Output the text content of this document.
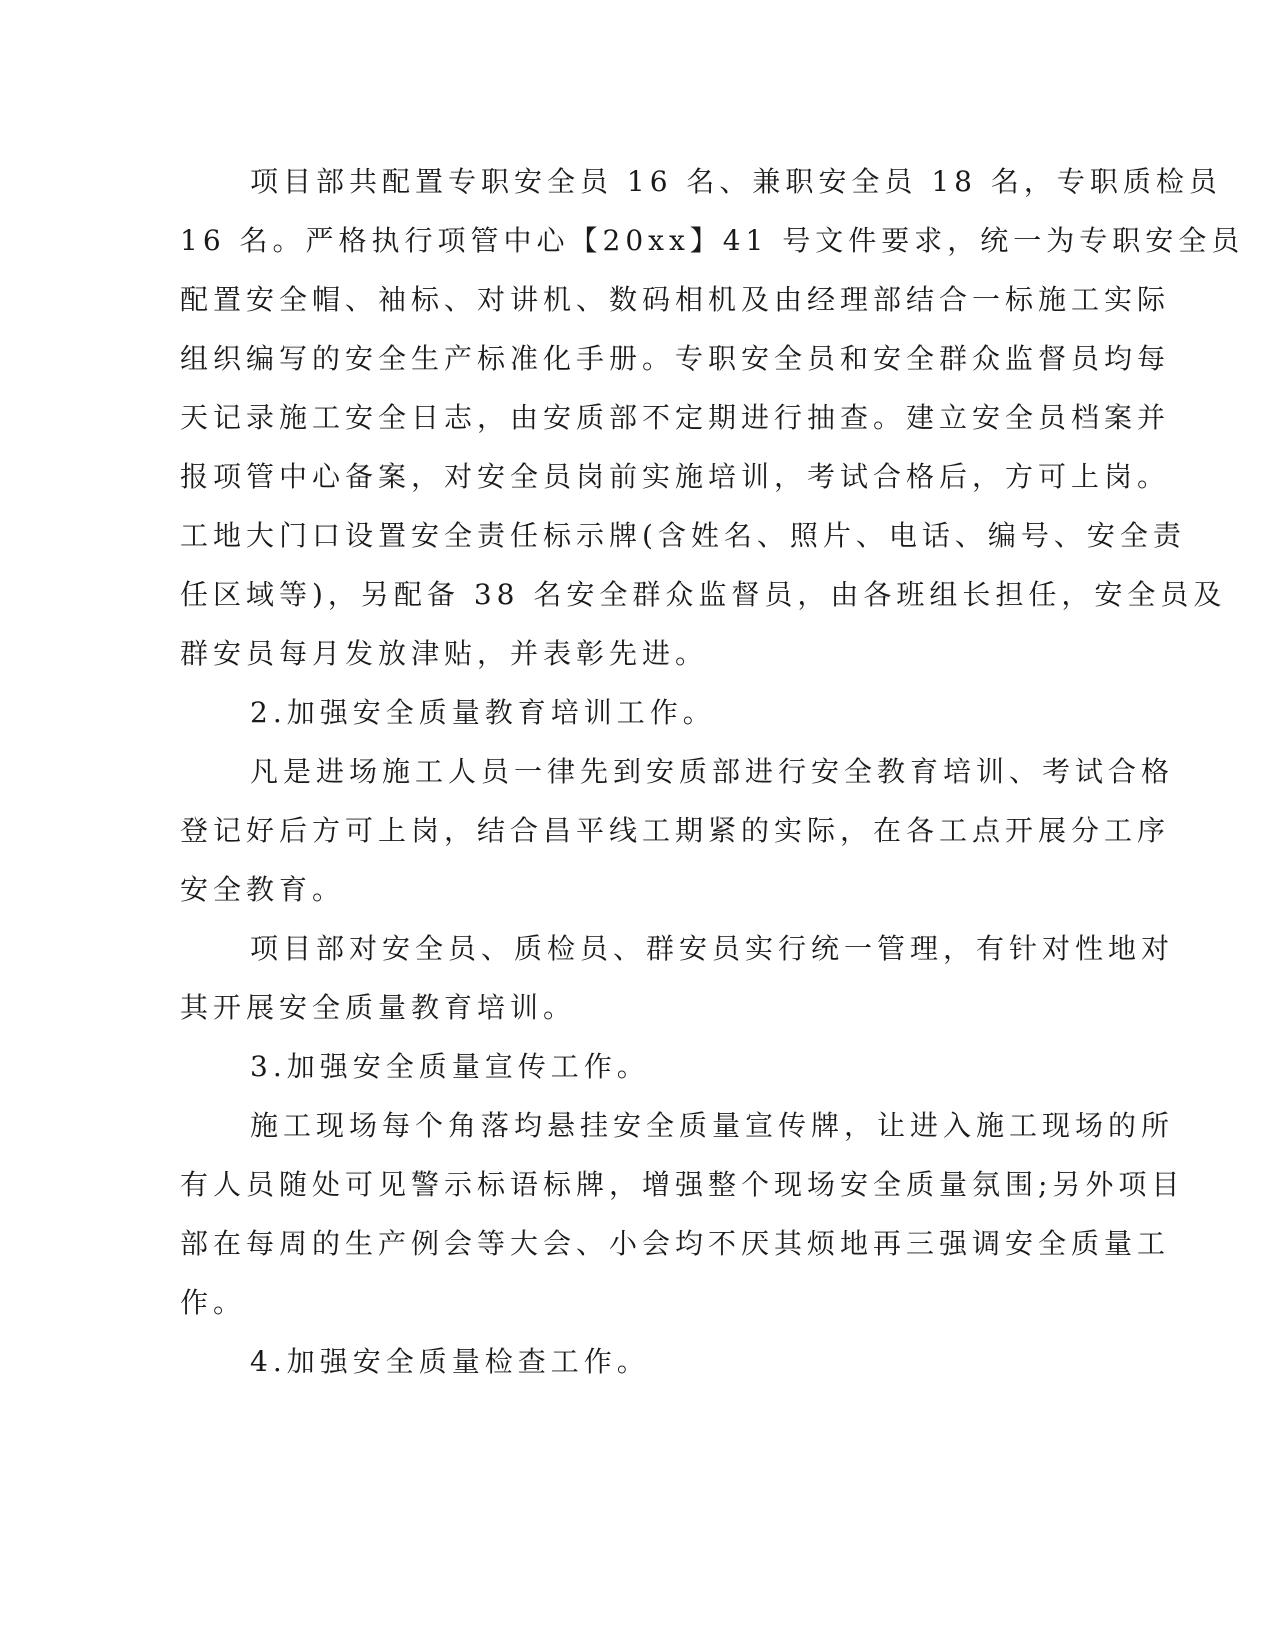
项目部共配置专职安全员 16 名、兼职安全员 18 名，专职质检员
16 名。严格执行项管中心【20xx】41 号文件要求，统一为专职安全员
配置安全帽、袖标、对讲机、数码相机及由经理部结合一标施工实际
组织编写的安全生产标准化手册。专职安全员和安全群众监督员均每
天记录施工安全日志，由安质部不定期进行抽查。建立安全员档案并
报项管中心备案，对安全员岗前实施培训，考试合格后，方可上岗。
工地大门口设置安全责任标示牌(含姓名、照片、电话、编号、安全责
任区域等)，另配备 38 名安全群众监督员，由各班组长担任，安全员及
群安员每月发放津贴，并表彰先进。
2.加强安全质量教育培训工作。
凡是进场施工人员一律先到安质部进行安全教育培训、考试合格
登记好后方可上岗，结合昌平线工期紧的实际，在各工点开展分工序
安全教育。
项目部对安全员、质检员、群安员实行统一管理，有针对性地对
其开展安全质量教育培训。
3.加强安全质量宣传工作。
施工现场每个角落均悬挂安全质量宣传牌，让进入施工现场的所
有人员随处可见警示标语标牌，增强整个现场安全质量氛围;另外项目
部在每周的生产例会等大会、小会均不厌其烦地再三强调安全质量工
作。
4.加强安全质量检查工作。
